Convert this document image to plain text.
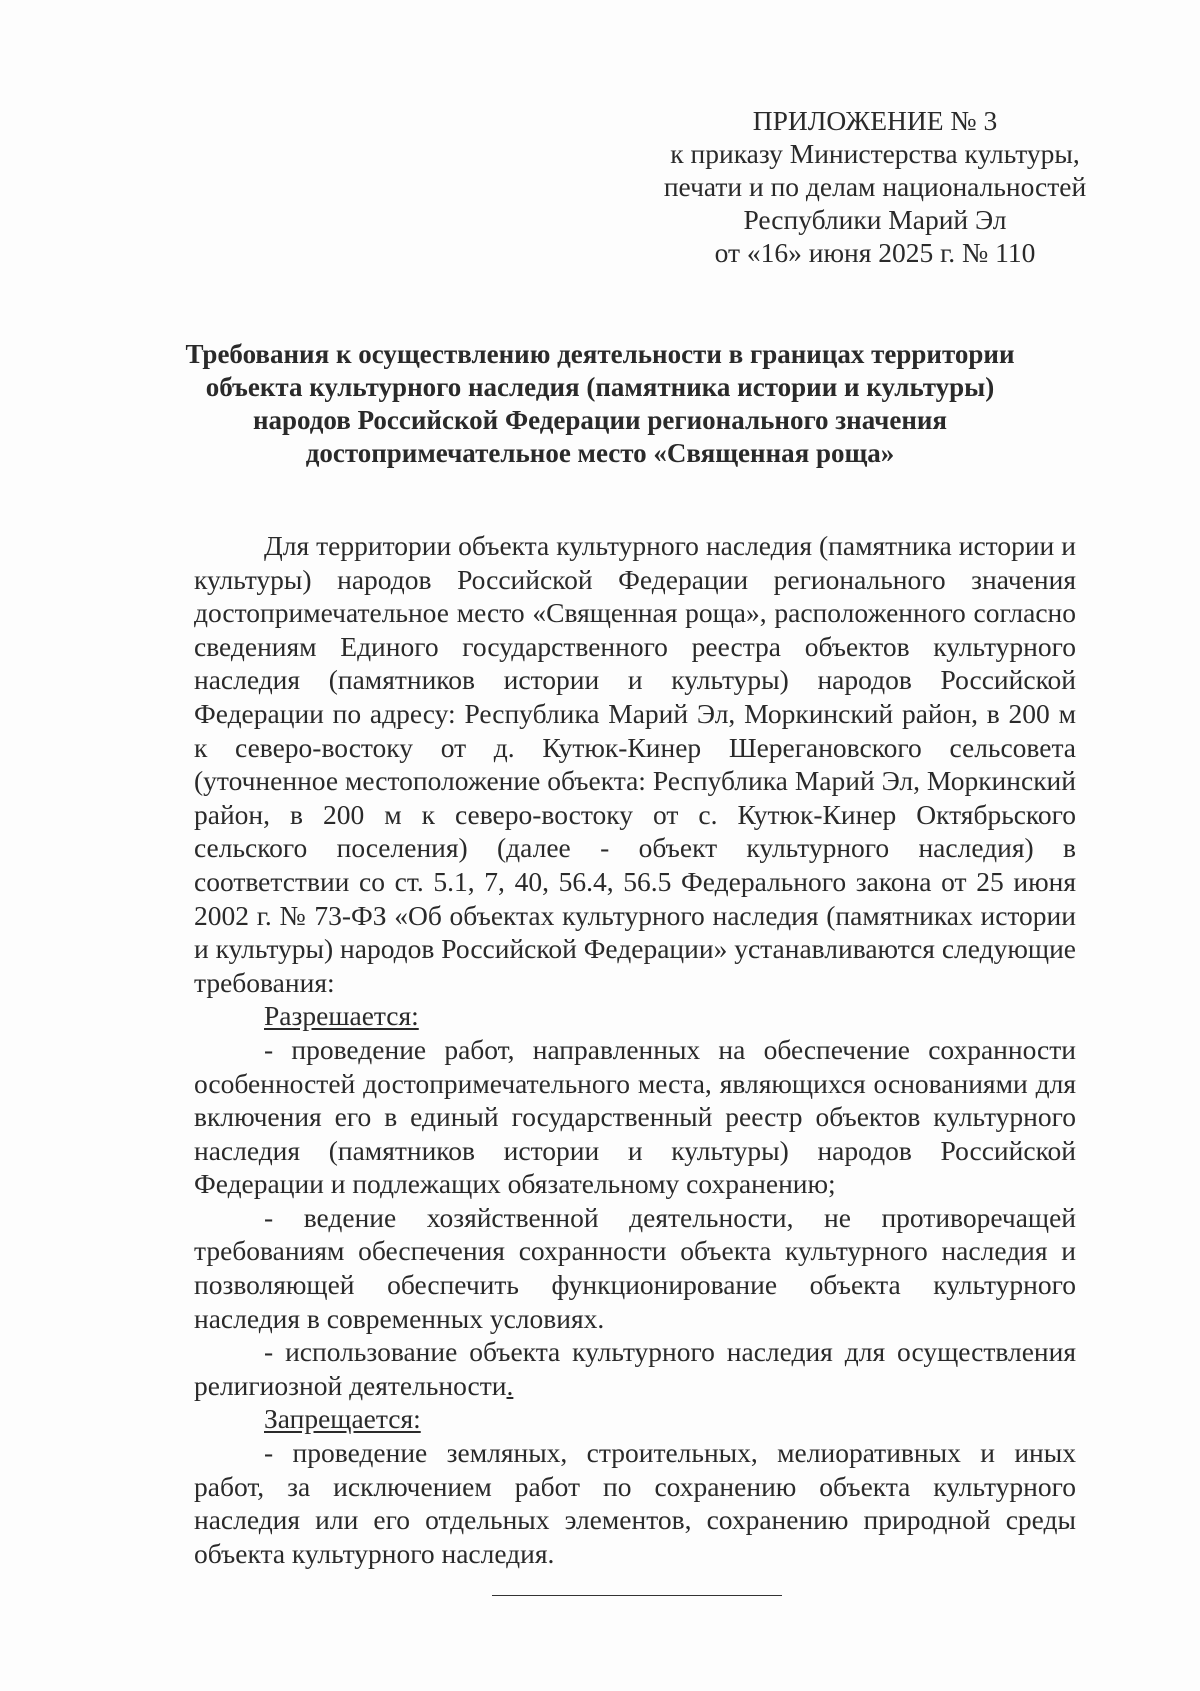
ПРИЛОЖЕНИЕ № 3
к приказу Министерства культуры,
печати и по делам национальностей
Республики Марий Эл
от «16» июня 2025 г. № 110
Требования к осуществлению деятельности в границах территории
объекта культурного наследия (памятника истории и культуры)
народов Российской Федерации регионального значения
достопримечательное место «Священная роща»

Для территории объекта культурного наследия (памятника истории и культуры) народов Российской Федерации регионального значения достопримечательное место «Священная роща», расположенного согласно сведениям Единого государственного реестра объектов культурного наследия (памятников истории и культуры) народов Российской Федерации по адресу: Республика Марий Эл, Моркинский район, в 200 м к северо-востоку от д. Кутюк-Кинер Шерегановского сельсовета (уточненное местоположение объекта: Республика Марий Эл, Моркинский район, в 200 м к северо-востоку от с. Кутюк-Кинер Октябрьского сельского поселения) (далее - объект культурного наследия) в соответствии со ст. 5.1, 7, 40, 56.4, 56.5 Федерального закона от 25 июня 2002 г. № 73-ФЗ «Об объектах культурного наследия (памятниках истории и культуры) народов Российской Федерации» устанавливаются следующие требования:

Разрешается:

- проведение работ, направленных на обеспечение сохранности особенностей достопримечательного места, являющихся основаниями для включения его в единый государственный реестр объектов культурного наследия (памятников истории и культуры) народов Российской Федерации и подлежащих обязательному сохранению;

- ведение хозяйственной деятельности, не противоречащей требованиям обеспечения сохранности объекта культурного наследия и позволяющей обеспечить функционирование объекта культурного наследия в современных условиях.

- использование объекта культурного наследия для осуществления религиозной деятельности.

Запрещается:

- проведение земляных, строительных, мелиоративных и иных работ, за исключением работ по сохранению объекта культурного наследия или его отдельных элементов, сохранению природной среды объекта культурного наследия.
